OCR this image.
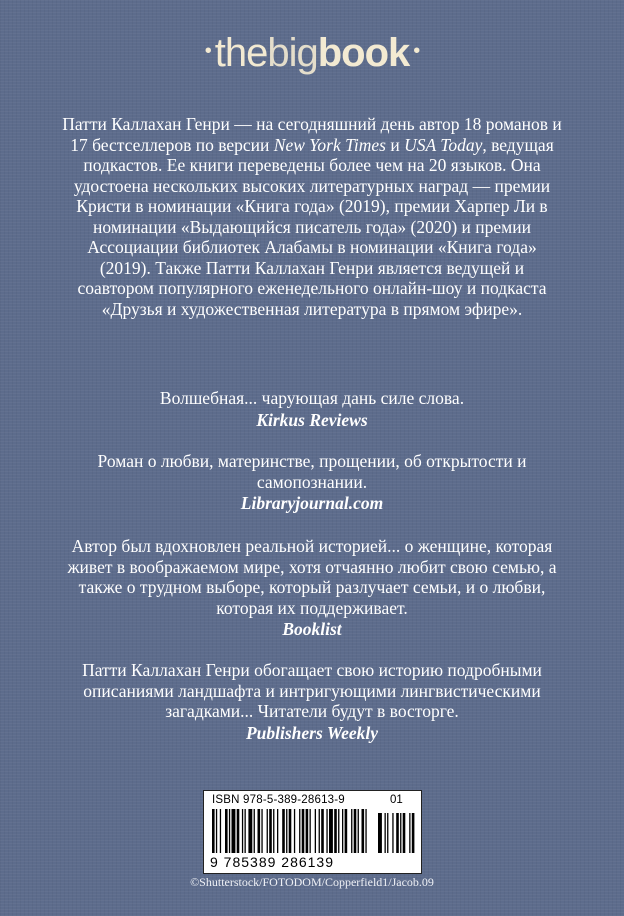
• thebigbook •
Патти Каллахан Генри — на сегодняшний день автор 18 романов и 17 бестселлеров по версии New York Times и USA Today, ведущая подкастов. Ее книги переведены более чем на 20 языков. Она удостоена нескольких высоких литературных наград — премии Кристи в номинации «Книга года» (2019), премии Харпер Ли в номинации «Выдающийся писатель года» (2020) и премии Ассоциации библиотек Алабамы в номинации «Книга года» (2019). Также Патти Каллахан Генри является ведущей и соавтором популярного еженедельного онлайн-шоу и подкаста «Друзья и художественная литература в прямом эфире».
Волшебная... чарующая дань силе слова.
Kirkus Reviews
Роман о любви, материнстве, прощении, об открытости и самопознании.
Libraryjournal.com
Автор был вдохновлен реальной историей... о женщине, которая живет в воображаемом мире, хотя отчаянно любит свою семью, а также о трудном выборе, который разлучает семьи, и о любви, которая их поддерживает.
Booklist
Патти Каллахан Генри обогащает свою историю подробными описаниями ландшафта и интригующими лингвистическими загадками... Читатели будут в восторге.
Publishers Weekly
ISBN 978-5-389-28613-9	01
9 785389 286139
©Shutterstock/FOTODOM/Copperfield1/Jacob.09
